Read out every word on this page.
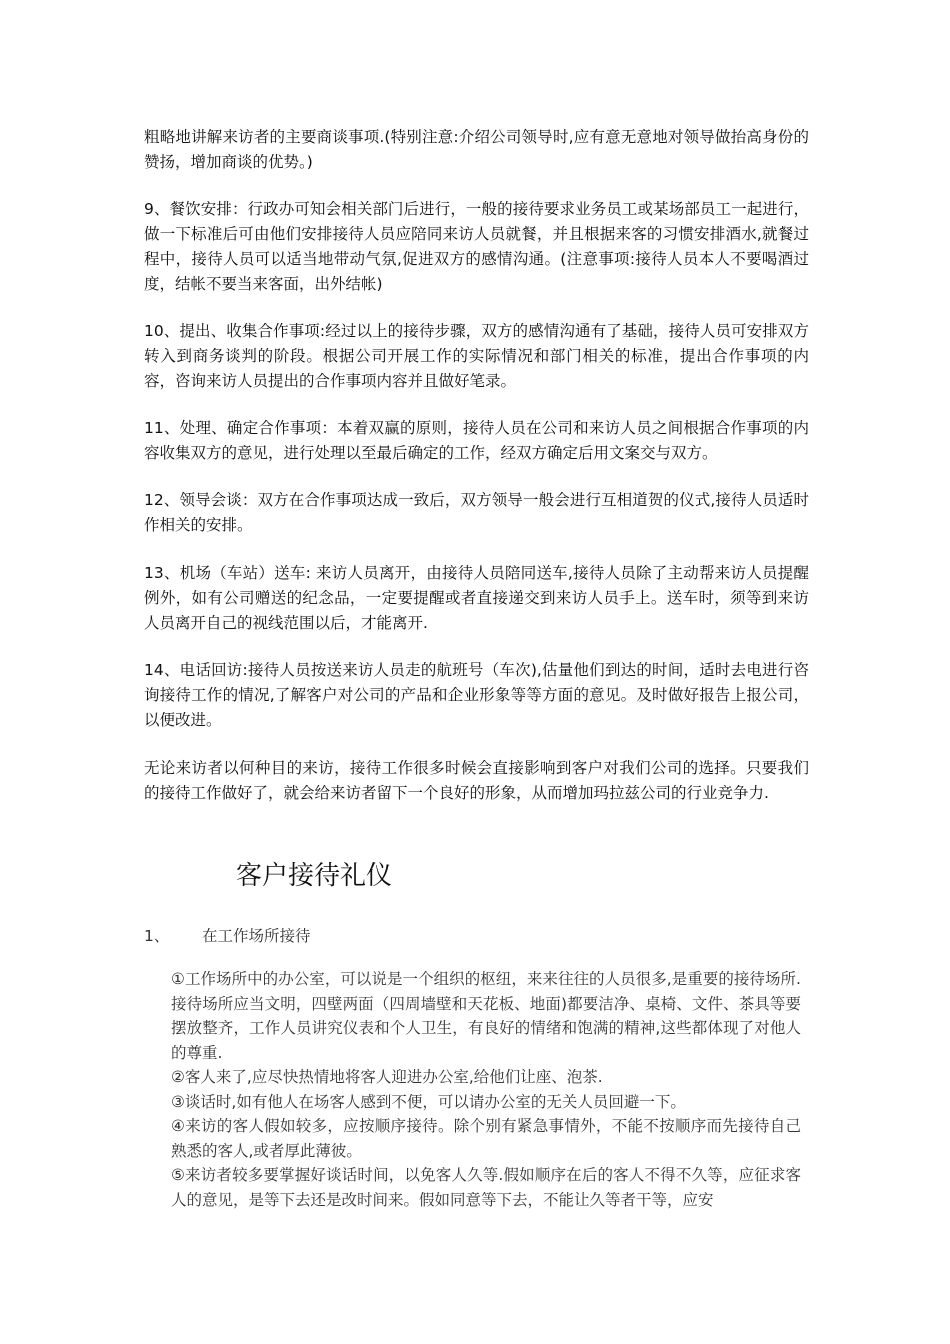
粗略地讲解来访者的主要商谈事项.(特别注意:介绍公司领导时,应有意无意地对领导做抬高身份的赞扬，增加商谈的优势。)

9、餐饮安排：行政办可知会相关部门后进行，一般的接待要求业务员工或某场部员工一起进行，做一下标准后可由他们安排接待人员应陪同来访人员就餐，并且根据来客的习惯安排酒水,就餐过程中，接待人员可以适当地带动气氛,促进双方的感情沟通。(注意事项:接待人员本人不要喝酒过度，结帐不要当来客面，出外结帐)

10、提出、收集合作事项:经过以上的接待步骤，双方的感情沟通有了基础，接待人员可安排双方转入到商务谈判的阶段。根据公司开展工作的实际情况和部门相关的标准，提出合作事项的内容，咨询来访人员提出的合作事项内容并且做好笔录。

11、处理、确定合作事项：本着双赢的原则，接待人员在公司和来访人员之间根据合作事项的内容收集双方的意见，进行处理以至最后确定的工作，经双方确定后用文案交与双方。

12、领导会谈：双方在合作事项达成一致后，双方领导一般会进行互相道贺的仪式,接待人员适时作相关的安排。

13、机场（车站）送车: 来访人员离开，由接待人员陪同送车,接待人员除了主动帮来访人员提醒例外，如有公司赠送的纪念品，一定要提醒或者直接递交到来访人员手上。送车时，须等到来访人员离开自己的视线范围以后，才能离开.

14、电话回访:接待人员按送来访人员走的航班号（车次),估量他们到达的时间，适时去电进行咨询接待工作的情况,了解客户对公司的产品和企业形象等等方面的意见。及时做好报告上报公司，以便改进。

无论来访者以何种目的来访，接待工作很多时候会直接影响到客户对我们公司的选择。只要我们的接待工作做好了，就会给来访者留下一个良好的形象，从而增加玛拉兹公司的行业竞争力.

客户接待礼仪
1、 在工作场所接待

①工作场所中的办公室，可以说是一个组织的枢纽，来来往往的人员很多,是重要的接待场所.接待场所应当文明，四壁两面（四周墙壁和天花板、地面)都要洁净、桌椅、文件、茶具等要摆放整齐，工作人员讲究仪表和个人卫生，有良好的情绪和饱满的精神,这些都体现了对他人的尊重.

②客人来了,应尽快热情地将客人迎进办公室,给他们让座、泡茶.

③谈话时,如有他人在场客人感到不便，可以请办公室的无关人员回避一下。

④来访的客人假如较多，应按顺序接待。除个别有紧急事情外，不能不按顺序而先接待自己熟悉的客人,或者厚此薄彼。

⑤来访者较多要掌握好谈话时间，以免客人久等.假如顺序在后的客人不得不久等，应征求客人的意见，是等下去还是改时间来。假如同意等下去，不能让久等者干等，应安
